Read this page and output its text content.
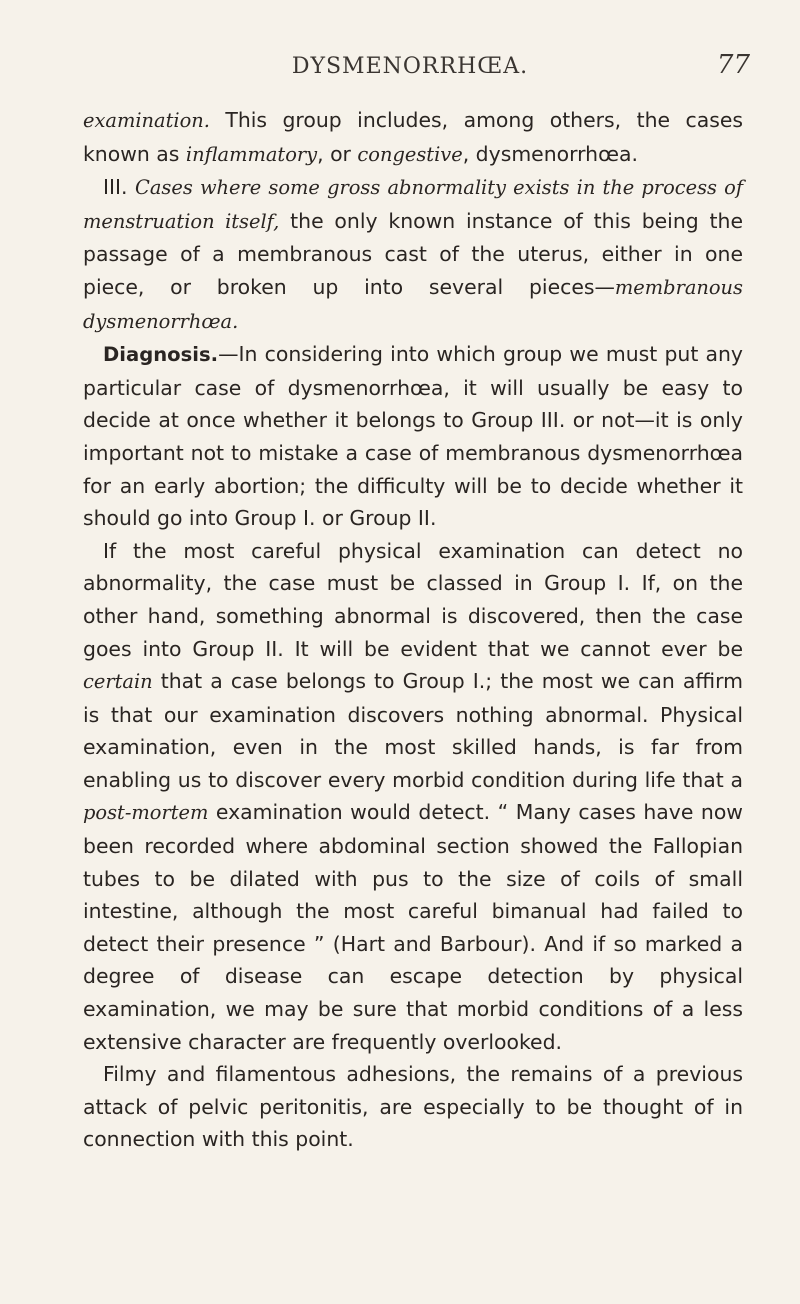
DYSMENORRHŒA.	77

examination. This group includes, among others, the cases known as inflammatory, or congestive, dysmenorrhœa.

III. Cases where some gross abnormality exists in the process of menstruation itself, the only known instance of this being the passage of a membranous cast of the uterus, either in one piece, or broken up into several pieces—membranous dysmenorrhœa.

Diagnosis.—In considering into which group we must put any particular case of dysmenorrhœa, it will usually be easy to decide at once whether it belongs to Group III. or not—it is only important not to mistake a case of membranous dysmenorrhœa for an early abortion; the difficulty will be to decide whether it should go into Group I. or Group II.

If the most careful physical examination can detect no abnormality, the case must be classed in Group I. If, on the other hand, something abnormal is discovered, then the case goes into Group II. It will be evident that we cannot ever be certain that a case belongs to Group I.; the most we can affirm is that our examination discovers nothing abnormal. Physical examination, even in the most skilled hands, is far from enabling us to discover every morbid condition during life that a post-mortem examination would detect. “ Many cases have now been recorded where abdominal section showed the Fallopian tubes to be dilated with pus to the size of coils of small intestine, although the most careful bimanual had failed to detect their presence ” (Hart and Barbour). And if so marked a degree of disease can escape detection by physical examination, we may be sure that morbid conditions of a less extensive character are frequently overlooked.

Filmy and filamentous adhesions, the remains of a previous attack of pelvic peritonitis, are especially to be thought of in connection with this point.
